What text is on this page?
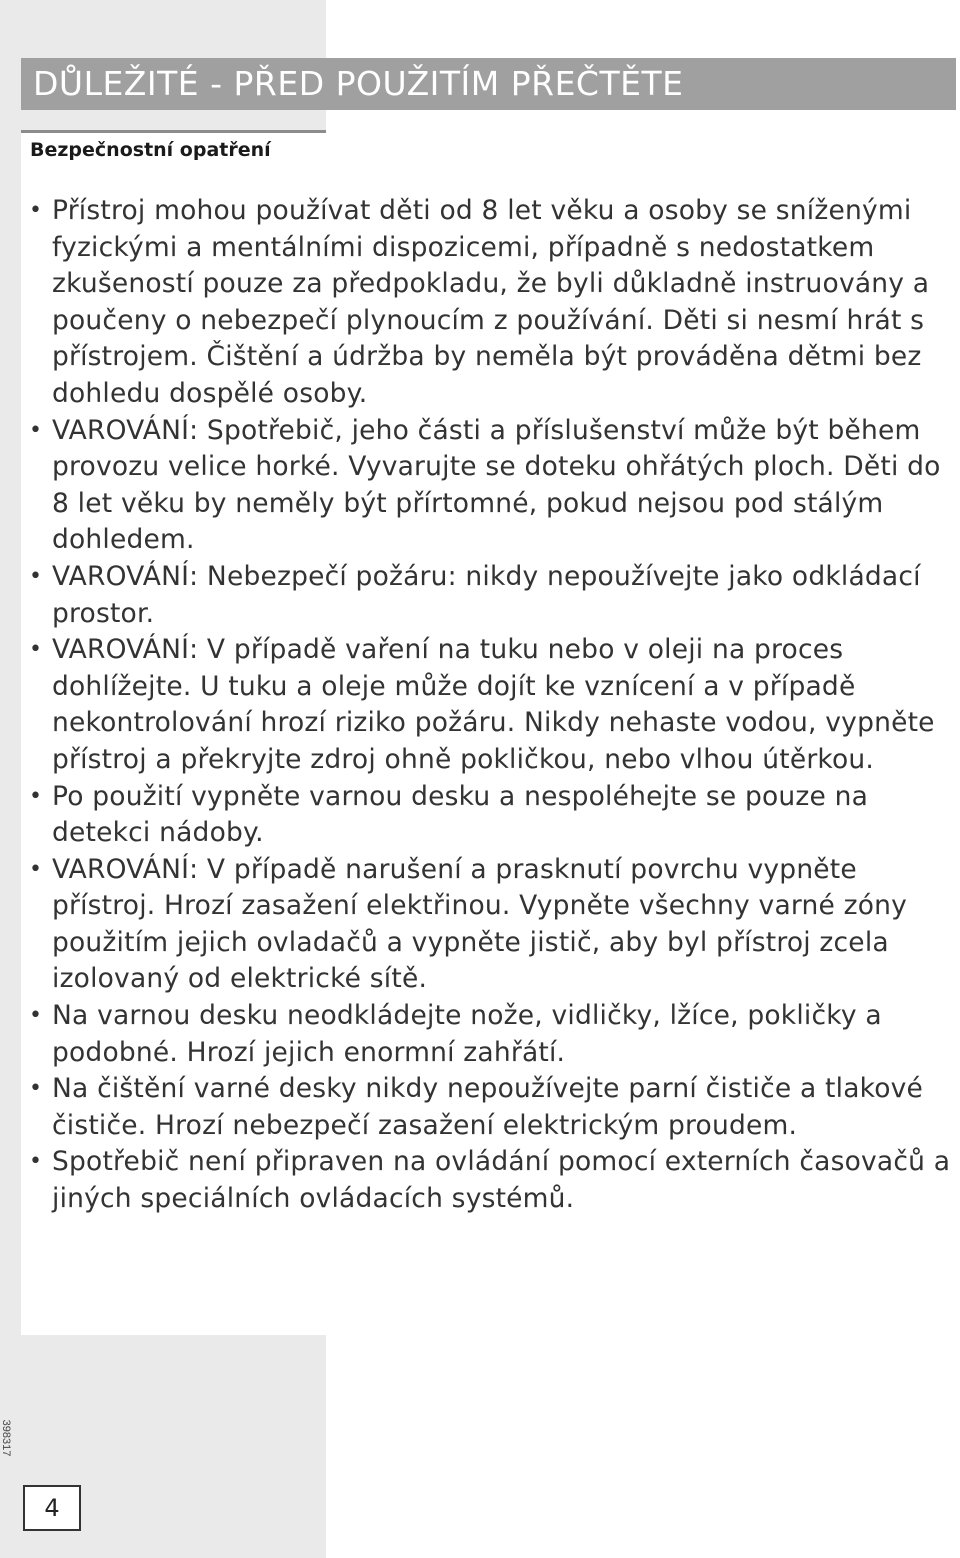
DŮLEŽITÉ - PŘED POUŽITÍM PŘEČTĚTE
Bezpečnostní opatření
• Přístroj mohou používat děti od 8 let věku a osoby se sníženými fyzickými a mentálními dispozicemi, případně s nedostatkem zkušeností pouze za předpokladu, že byli důkladně instruovány a poučeny o nebezpečí plynoucím z používání. Děti si nesmí hrát s přístrojem. Čištění a údržba by neměla být prováděna dětmi bez dohledu dospělé osoby.
• VAROVÁNÍ: Spotřebič, jeho části a příslušenství může být během provozu velice horké. Vyvarujte se doteku ohřátých ploch. Děti do 8 let věku by neměly být přírtomné, pokud nejsou pod stálým dohledem.
• VAROVÁNÍ: Nebezpečí požáru: nikdy nepoužívejte jako odkládací prostor.
• VAROVÁNÍ: V případě vaření na tuku nebo v oleji na proces dohlížejte. U tuku a oleje může dojít ke vznícení a v případě nekontrolování hrozí riziko požáru. Nikdy nehaste vodou, vypněte přístroj a překryjte zdroj ohně pokličkou, nebo vlhou útěrkou.
• Po použití vypněte varnou desku a nespoléhejte se pouze na detekci nádoby.
• VAROVÁNÍ: V případě narušení a prasknutí povrchu vypněte přístroj. Hrozí zasažení elektřinou. Vypněte všechny varné zóny použitím jejich ovladačů a vypněte jistič, aby byl přístroj zcela izolovaný od elektrické sítě.
• Na varnou desku neodkládejte nože, vidličky, lžíce, pokličky a podobné. Hrozí jejich enormní zahřátí.
• Na čištění varné desky nikdy nepoužívejte parní čističe a tlakové čističe. Hrozí nebezpečí zasažení elektrickým proudem.
• Spotřebič není připraven na ovládání pomocí externích časovačů a jiných speciálních ovládacích systémů.
398317
4
